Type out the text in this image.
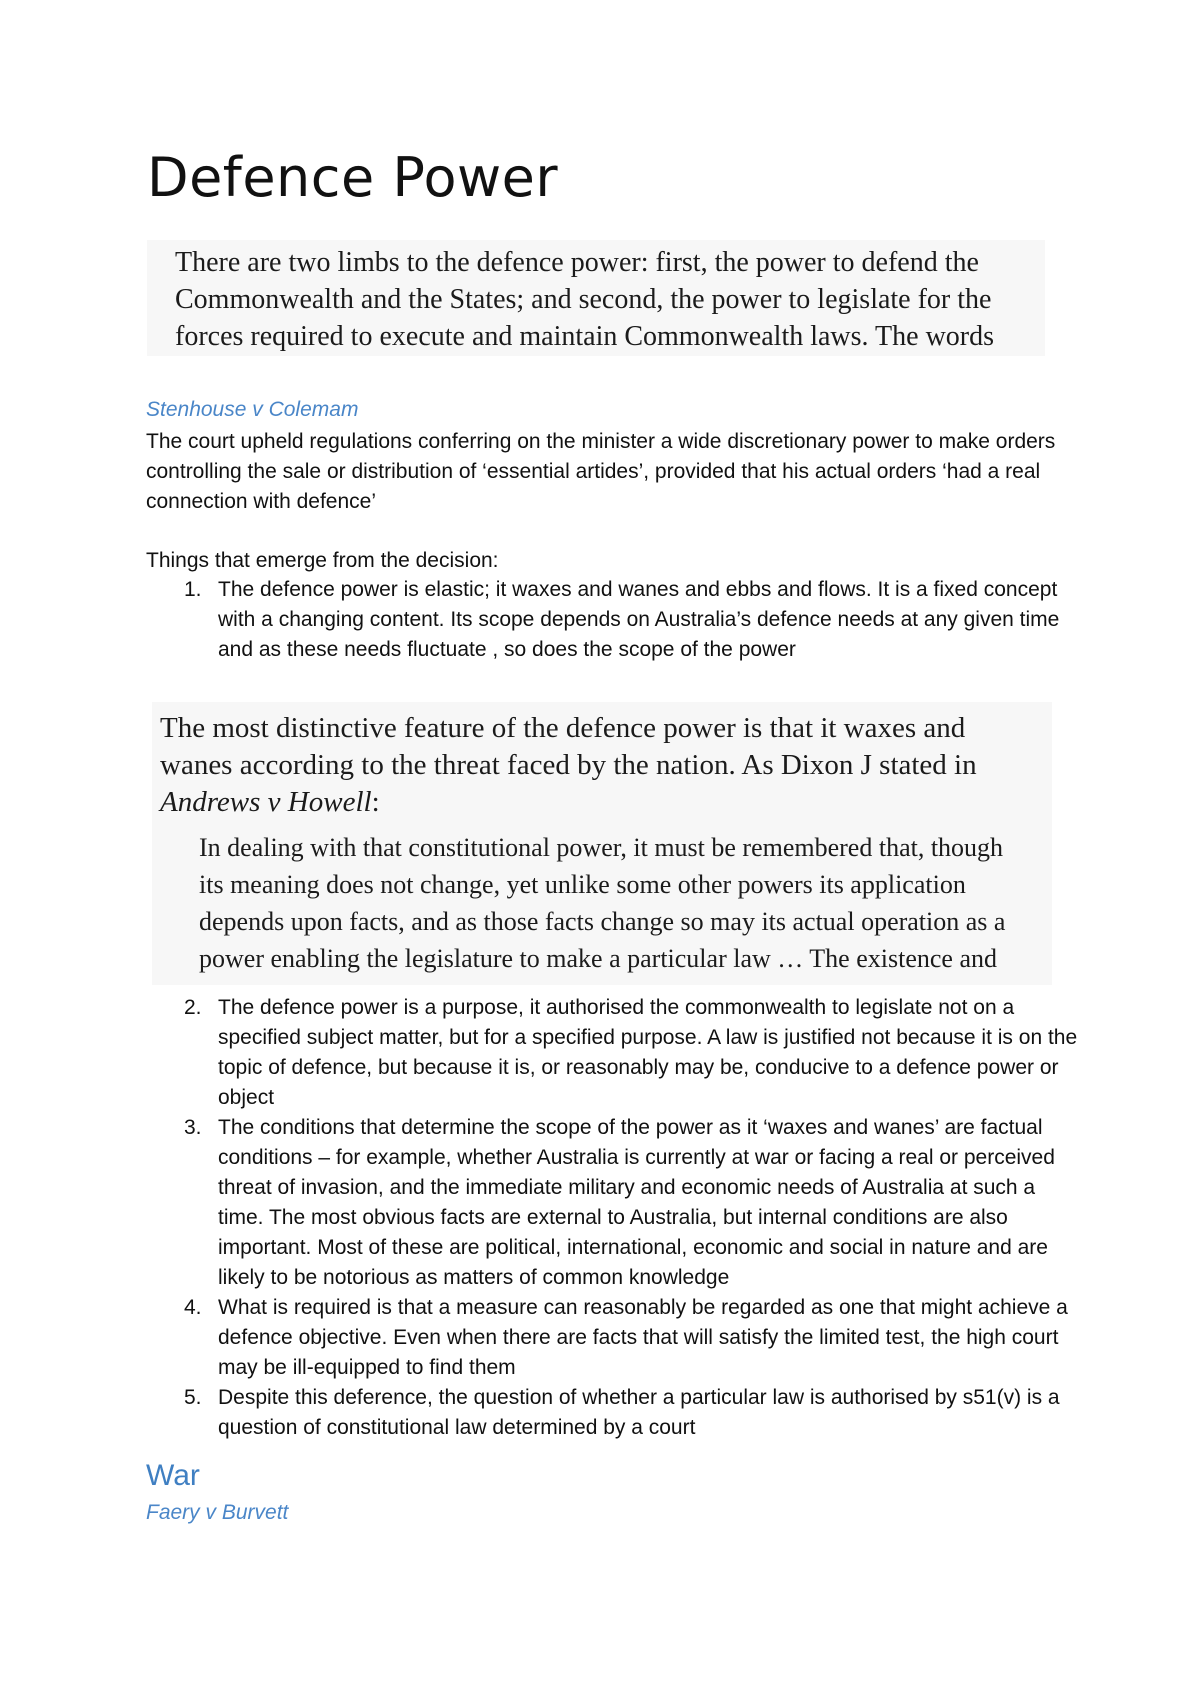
Defence Power

There are two limbs to the defence power: first, the power to defend the

Commonwealth and the States; and second, the power to legislate for the

forces required to execute and maintain Commonwealth laws. The words

Stenhouse v Colemam

The court upheld regulations conferring on the minister a wide discretionary power to make orders controlling the sale or distribution of ‘essential artides’, provided that his actual orders ‘had a real connection with defence’

Things that emerge from the decision:

1. The defence power is elastic; it waxes and wanes and ebbs and flows. It is a fixed concept with a changing content. Its scope depends on Australia’s defence needs at any given time and as these needs fluctuate , so does the scope of the power

The most distinctive feature of the defence power is that it waxes and

wanes according to the threat faced by the nation. As Dixon J stated in

Andrews v Howell:

In dealing with that constitutional power, it must be remembered that, though

its meaning does not change, yet unlike some other powers its application

depends upon facts, and as those facts change so may its actual operation as a

power enabling the legislature to make a particular law … The existence and

2. The defence power is a purpose, it authorised the commonwealth to legislate not on a specified subject matter, but for a specified purpose. A law is justified not because it is on the topic of defence, but because it is, or reasonably may be, conducive to a defence power or object
3. The conditions that determine the scope of the power as it ‘waxes and wanes’ are factual conditions – for example, whether Australia is currently at war or facing a real or perceived threat of invasion, and the immediate military and economic needs of Australia at such a time. The most obvious facts are external to Australia, but internal conditions are also important. Most of these are political, international, economic and social in nature and are likely to be notorious as matters of common knowledge
4. What is required is that a measure can reasonably be regarded as one that might achieve a defence objective. Even when there are facts that will satisfy the limited test, the high court may be ill-equipped to find them
5. Despite this deference, the question of whether a particular law is authorised by s51(v) is a question of constitutional law determined by a court
War

Faery v Burvett
